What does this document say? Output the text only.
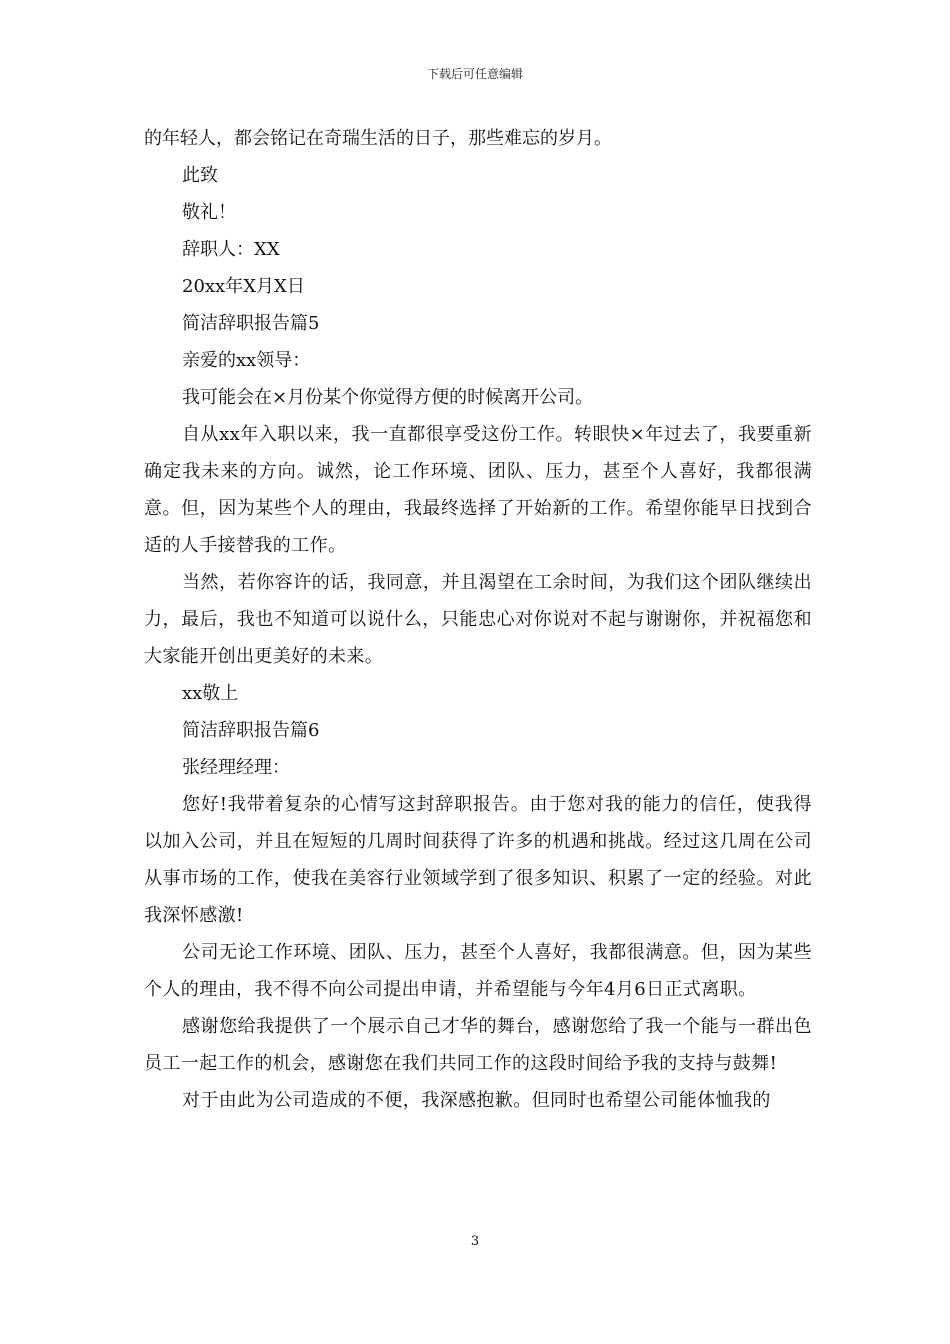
下载后可任意编辑
的年轻人，都会铭记在奇瑞生活的日子，那些难忘的岁月。
此致
敬礼！
辞职人：XX
20xx年X月X日
简洁辞职报告篇5
亲爱的xx领导：
我可能会在×月份某个你觉得方便的时候离开公司。
自从xx年入职以来，我一直都很享受这份工作。转眼快×年过去了，我要重新确定我未来的方向。诚然，论工作环境、团队、压力，甚至个人喜好，我都很满意。但，因为某些个人的理由，我最终选择了开始新的工作。希望你能早日找到合适的人手接替我的工作。
当然，若你容许的话，我同意，并且渴望在工余时间，为我们这个团队继续出力，最后，我也不知道可以说什么，只能忠心对你说对不起与谢谢你，并祝福您和大家能开创出更美好的未来。
xx敬上
简洁辞职报告篇6
张经理经理：
您好!我带着复杂的心情写这封辞职报告。由于您对我的能力的信任，使我得以加入公司，并且在短短的几周时间获得了许多的机遇和挑战。经过这几周在公司从事市场的工作，使我在美容行业领域学到了很多知识、积累了一定的经验。对此我深怀感激!
公司无论工作环境、团队、压力，甚至个人喜好，我都很满意。但，因为某些个人的理由，我不得不向公司提出申请，并希望能与今年4月6日正式离职。
感谢您给我提供了一个展示自己才华的舞台，感谢您给了我一个能与一群出色员工一起工作的机会，感谢您在我们共同工作的这段时间给予我的支持与鼓舞!
对于由此为公司造成的不便，我深感抱歉。但同时也希望公司能体恤我的
3
